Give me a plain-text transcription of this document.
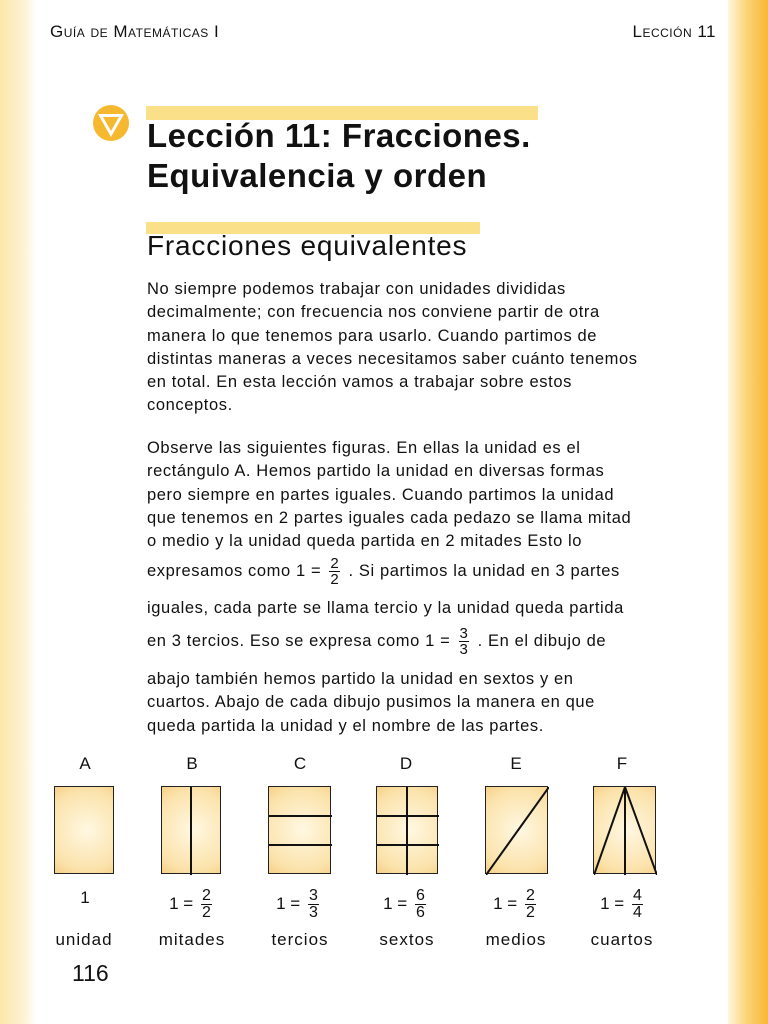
Guía de Matemáticas I	Lección 11
Lección 11: Fracciones.
Equivalencia y orden
Fracciones equivalentes
No siempre podemos trabajar con unidades divididas
decimalmente; con frecuencia nos conviene partir de otra
manera lo que tenemos para usarlo. Cuando partimos de
distintas maneras a veces necesitamos saber cuánto tenemos
en total. En esta lección vamos a trabajar sobre estos
conceptos.
Observe las siguientes figuras. En ellas la unidad es el
rectángulo A. Hemos partido la unidad en diversas formas
pero siempre en partes iguales. Cuando partimos la unidad
que tenemos en 2 partes iguales cada pedazo se llama mitad
o medio y la unidad queda partida en 2 mitades Esto lo
expresamos como $1 = \frac{2}{2}$ . Si partimos la unidad en 3 partes
iguales, cada parte se llama tercio y la unidad queda partida
en 3 tercios. Eso se expresa como $1 = \frac{3}{3}$ . En el dibujo de
abajo también hemos partido la unidad en sextos y en
cuartos. Abajo de cada dibujo pusimos la manera en que
queda partida la unidad y el nombre de las partes.
A
1
unidad
B
$1 = \frac{2}{2}$
mitades
C
$1 = \frac{3}{3}$
tercios
D
$1 = \frac{6}{6}$
sextos
E
$1 = \frac{2}{2}$
medios
F
$1 = \frac{4}{4}$
cuartos
116
